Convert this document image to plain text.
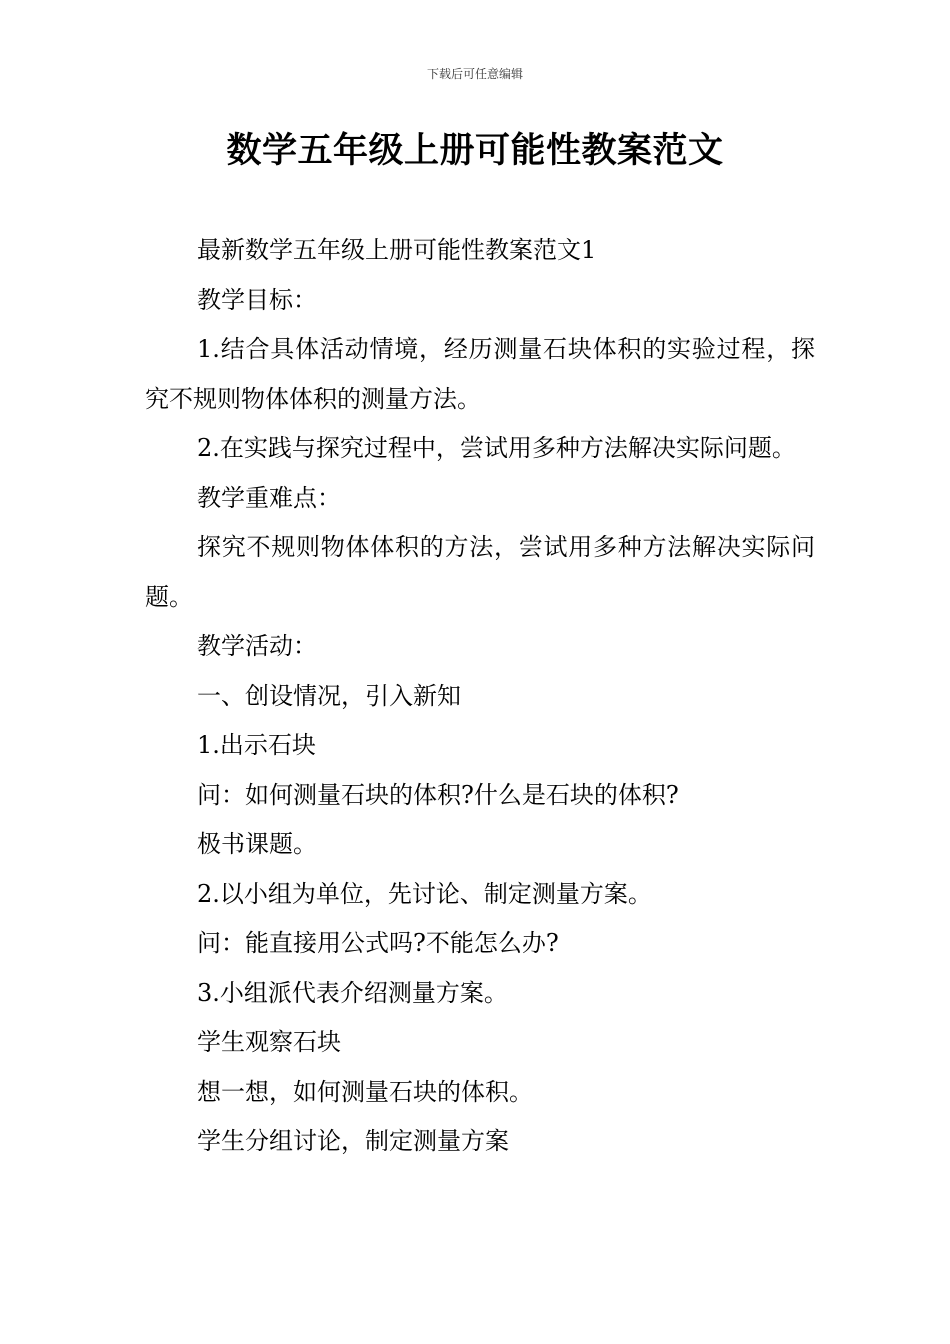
下载后可任意编辑
数学五年级上册可能性教案范文

最新数学五年级上册可能性教案范文1

教学目标：

1.结合具体活动情境，经历测量石块体积的实验过程，探究不规则物体体积的测量方法。

2.在实践与探究过程中，尝试用多种方法解决实际问题。

教学重难点：

探究不规则物体体积的方法，尝试用多种方法解决实际问题。

教学活动：

一、创设情况，引入新知

1.出示石块

问：如何测量石块的体积?什么是石块的体积?

极书课题。

2.以小组为单位，先讨论、制定测量方案。

问：能直接用公式吗?不能怎么办?

3.小组派代表介绍测量方案。

学生观察石块

想一想，如何测量石块的体积。

学生分组讨论，制定测量方案
